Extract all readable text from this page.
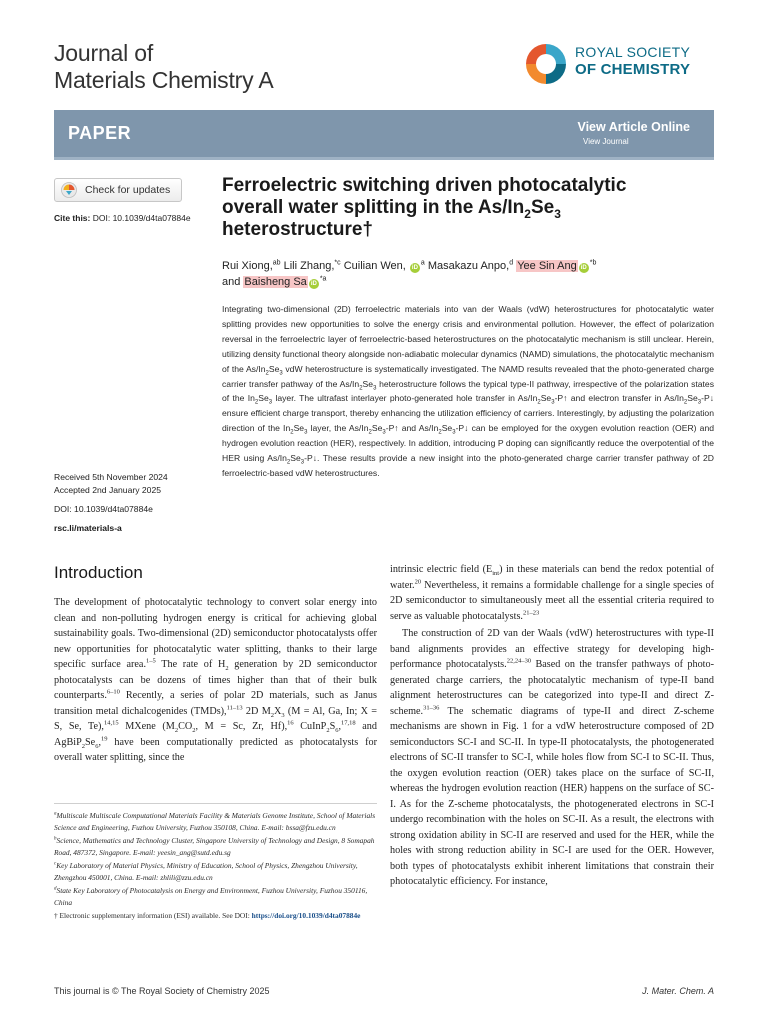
Journal of
Materials Chemistry A
ROYAL SOCIETY
OF CHEMISTRY
PAPER	View Article Online
View Journal
Check for updates
Cite this: DOI: 10.1039/d4ta07884e
Ferroelectric switching driven photocatalytic overall water splitting in the $As/In_2Se_3$ heterostructure†
Rui Xiong,$^{ab}$ Lili Zhang,$^{*c}$ Cuilian Wen, $iD^a$ Masakazu Anpo,$^d$ Yee Sin Ang $iD^{*b}$
and Baisheng Sa $iD^{*a}$
Integrating two-dimensional (2D) ferroelectric materials into van der Waals (vdW) heterostructures for photocatalytic water splitting provides new opportunities to solve the energy crisis and environmental pollution. However, the effect of polarization reversal in the ferroelectric layer of ferroelectric-based heterostructures on the photocatalytic mechanism is still unclear. Herein, utilizing density functional theory alongside non-adiabatic molecular dynamics (NAMD) simulations, the photocatalytic mechanism of the $As/In_2Se_3$ vdW heterostructure is systematically investigated. The NAMD results revealed that the photo-generated charge carrier transfer pathway of the $As/In_2Se_3$ heterostructure follows the typical type-II pathway, irrespective of the polarization states of the $In_2Se_3$ layer. The ultrafast interlayer photo-generated hole transfer in $As/In_2Se_3-P↑$ and electron transfer in $As/In_2Se_3-P↓$ ensure efficient charge transport, thereby enhancing the utilization efficiency of carriers. Interestingly, by adjusting the polarization direction of the $In_2Se_3$ layer, the $As/In_2Se_3-P↑$ and $As/In_2Se_3-P↓$ can be employed for the oxygen evolution reaction (OER) and hydrogen evolution reaction (HER), respectively. In addition, introducing P doping can significantly reduce the overpotential of the HER using $As/In_2Se_3-P↓$. These results provide a new insight into the photo-generated charge carrier transfer pathway of 2D ferroelectric-based vdW heterostructures.
Received 5th November 2024
Accepted 2nd January 2025
DOI: 10.1039/d4ta07884e
rsc.li/materials-a
Introduction

The development of photocatalytic technology to convert solar energy into clean and non-polluting hydrogen energy is critical for achieving global sustainability goals. Two-dimensional (2D) semiconductor photocatalysts offer new opportunities for photocatalytic water splitting, thanks to their large specific surface area.$^{1-5}$ The rate of $H_2$ generation by 2D semiconductor photocatalysts can be dozens of times higher than that of their bulk counterparts.$^{6-10}$ Recently, a series of polar 2D materials, such as Janus transition metal dichalcogenides (TMDs),$^{11-13}$ 2D $M_2X_3$ (M = Al, Ga, In; X = S, Se, Te),$^{14,15}$ MXene ($M_2CO_2$, M = Sc, Zr, Hf),$^{16}$ $CuInP_2S_6,^{17,18}$ and $AgBiP_2Se_6,^{19}$ have been computationally predicted as photocatalysts for overall water splitting, since the

$^a$Multiscale Multiscale Computational Materials Facility & Materials Genome Institute, School of Materials Science and Engineering, Fuzhou University, Fuzhou 350108, China. E-mail: bssa@fzu.edu.cn
$^b$Science, Mathematics and Technology Cluster, Singapore University of Technology and Design, 8 Somapah Road, 487372, Singapore. E-mail: yeesin_ang@sutd.edu.sg
$^c$Key Laboratory of Material Physics, Ministry of Education, School of Physics, Zhengzhou University, Zhengzhou 450001, China. E-mail: zhlili@zzu.edu.cn
$^d$State Key Laboratory of Photocatalysis on Energy and Environment, Fuzhou University, Fuzhou 350116, China
† Electronic supplementary information (ESI) available. See DOI: https://doi.org/10.1039/d4ta07884e

intrinsic electric field $(E_{int})$ in these materials can bend the redox potential of water.$^{20}$ Nevertheless, it remains a formidable challenge for a single species of 2D semiconductor to simultaneously meet all the essential criteria required to serve as valuable photocatalysts.$^{21-23}$

The construction of 2D van der Waals (vdW) heterostructures with type-II band alignments provides an effective strategy for developing high-performance photocatalysts.$^{22,24-30}$ Based on the transfer pathways of photo-generated charge carriers, the photocatalytic mechanism of type-II band alignment heterostructures can be categorized into type-II and direct Z-scheme.$^{31-36}$ The schematic diagrams of type-II and direct Z-scheme mechanisms are shown in Fig. 1 for a vdW heterostructure composed of 2D semiconductors SC-I and SC-II. In type-II photocatalysts, the photogenerated electrons of SC-II transfer to SC-I, while holes flow from SC-I to SC-II. Thus, the oxygen evolution reaction (OER) takes place on the surface of SC-II, whereas the hydrogen evolution reaction (HER) happens on the surface of SC-I. As for the Z-scheme photocatalysts, the photogenerated electrons in SC-I undergo recombination with the holes on SC-II. As a result, the electrons with strong oxidation ability in SC-II are reserved and used for the HER, while the holes with strong reduction ability in SC-I are used for the OER. However, both types of photocatalysts exhibit inherent limitations that constrain their photocatalytic efficiency. For instance,

This journal is © The Royal Society of Chemistry 2025	J. Mater. Chem. A
